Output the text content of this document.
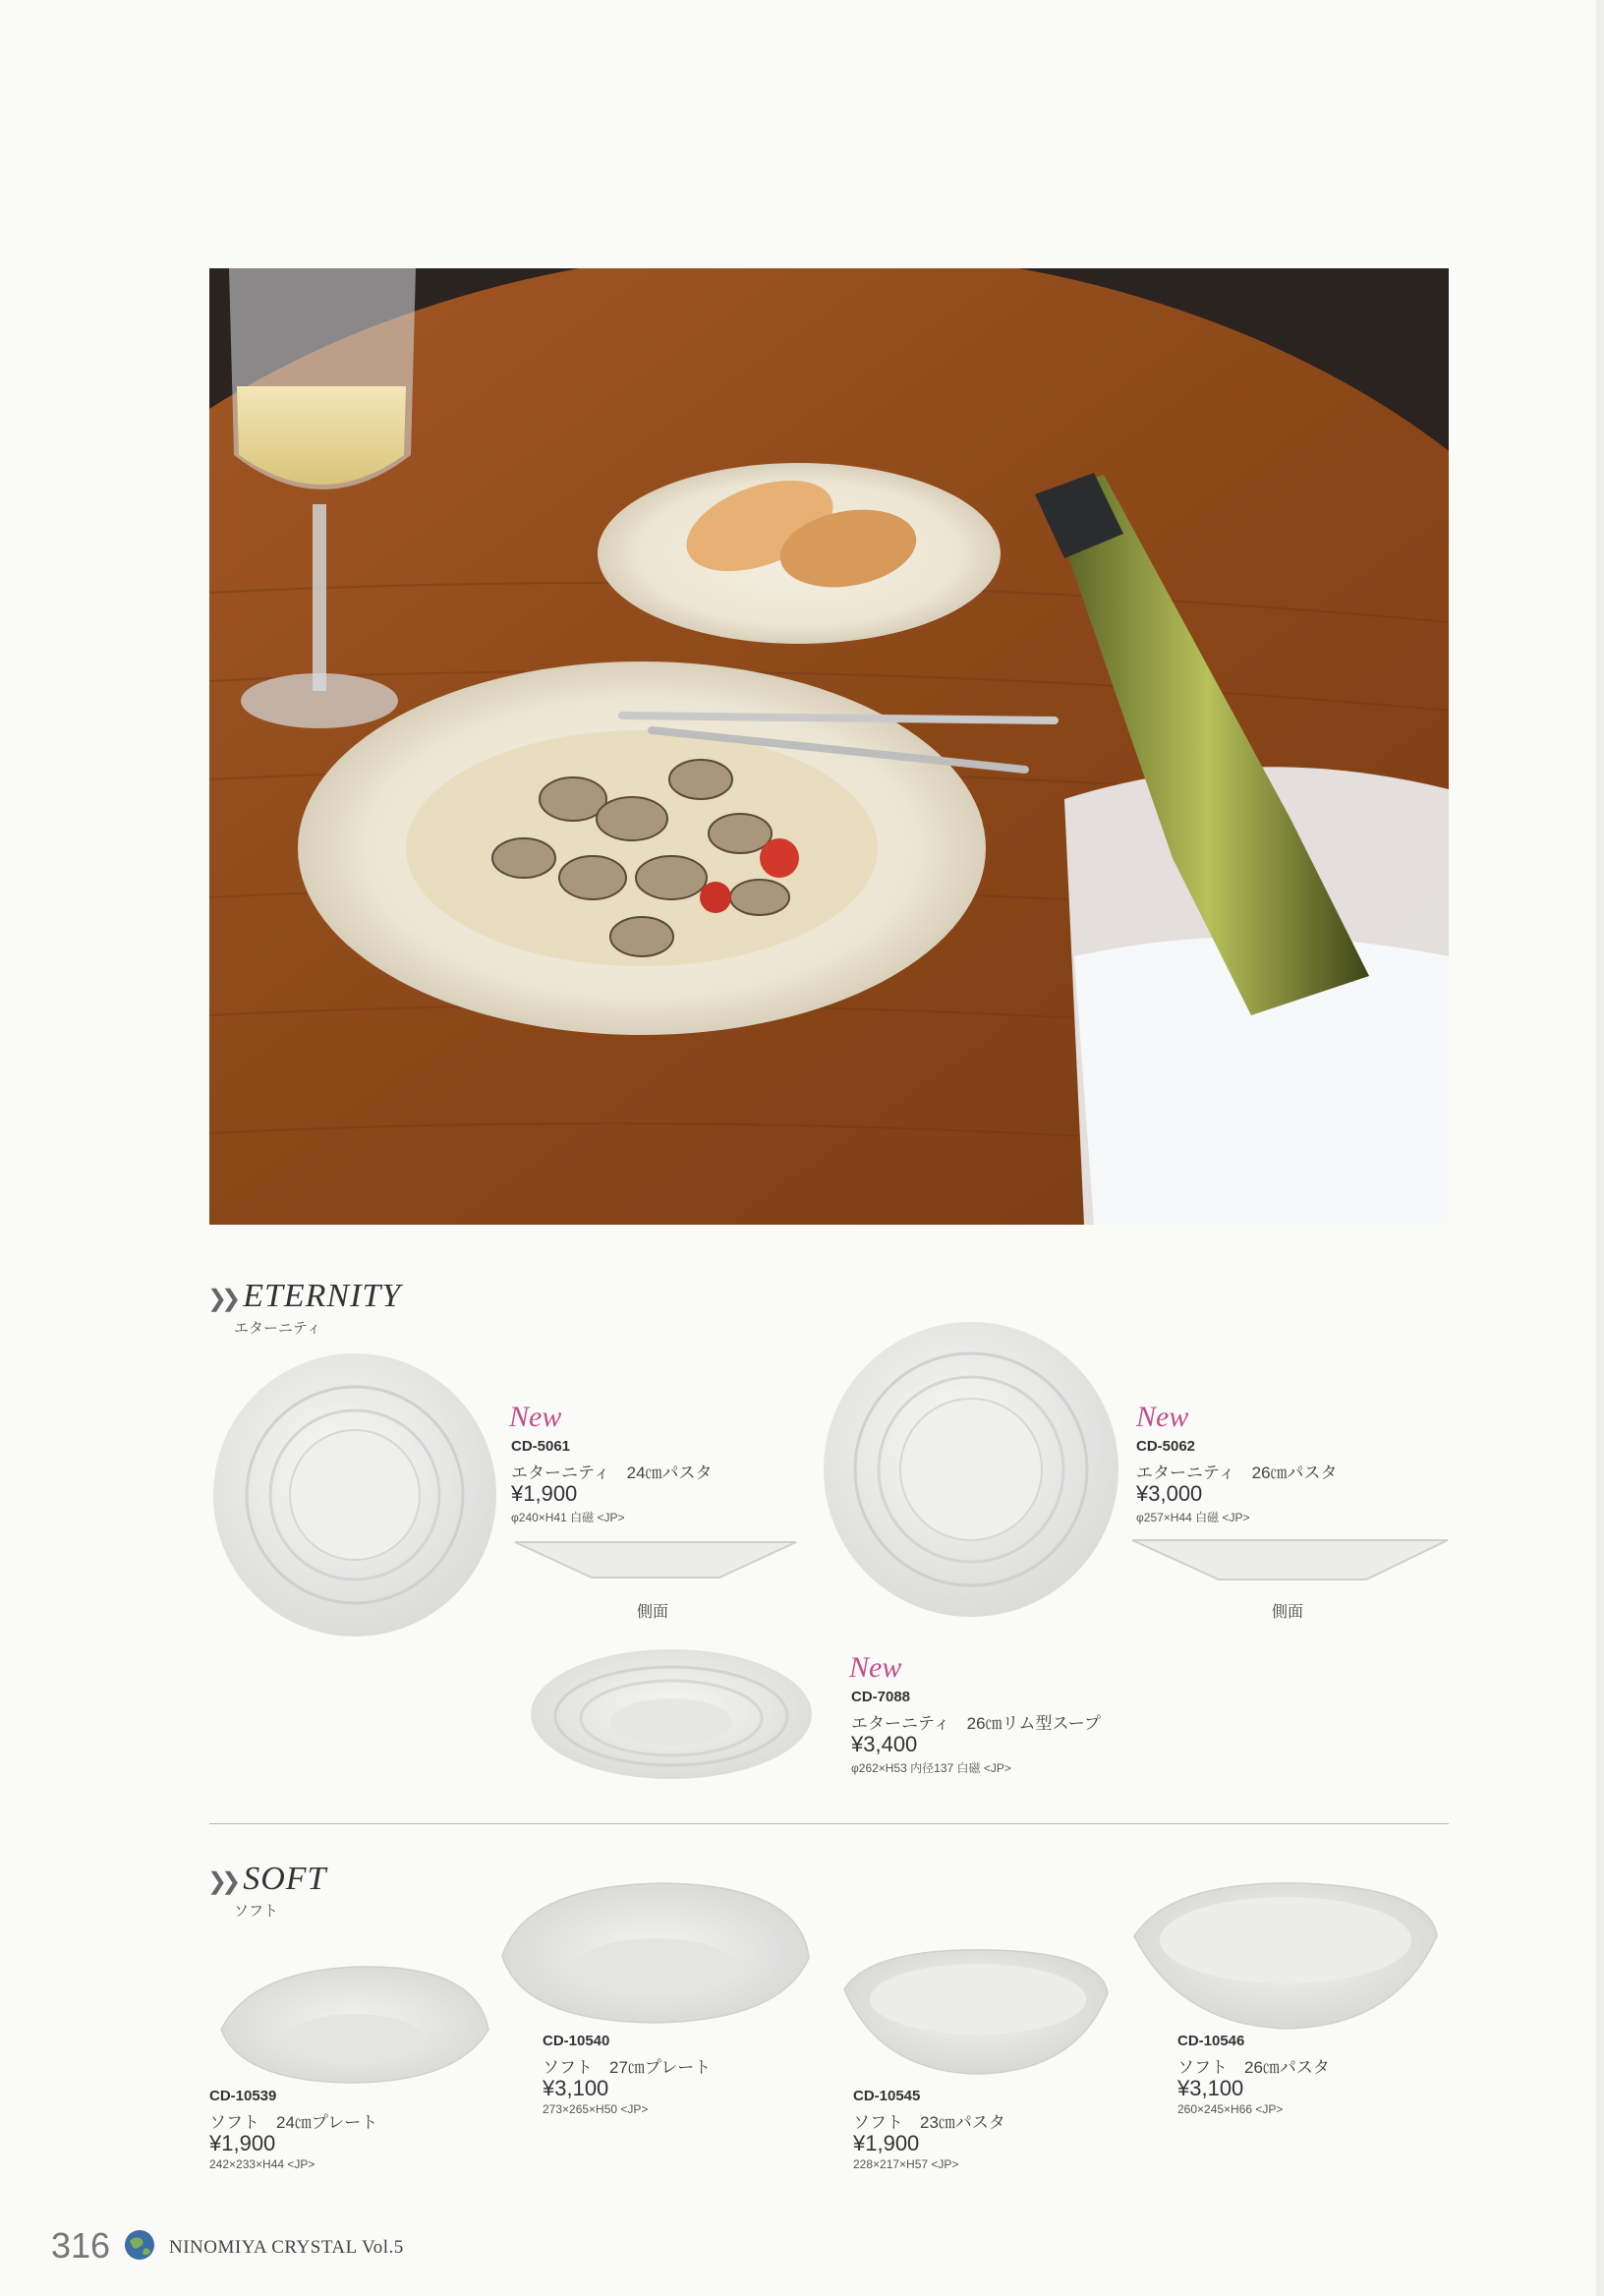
❯❯ ETERNITY
エターニティ
側面
New
CD-5061
エターニティ　24㎝パスタ
¥1,900
φ240×H41 白磁 <JP>
側面
New
CD-5062
エターニティ　26㎝パスタ
¥3,000
φ257×H44 白磁 <JP>
New
CD-7088
エターニティ　26㎝リム型スープ
¥3,400
φ262×H53 内径137 白磁 <JP>
❯❯ SOFT
ソフト
CD-10539
ソフト　24㎝プレート
¥1,900
242×233×H44 <JP>
CD-10540
ソフト　27㎝プレート
¥3,100
273×265×H50 <JP>
CD-10545
ソフト　23㎝パスタ
¥1,900
228×217×H57 <JP>
CD-10546
ソフト　26㎝パスタ
¥3,100
260×245×H66 <JP>
316	NINOMIYA CRYSTAL Vol.5
